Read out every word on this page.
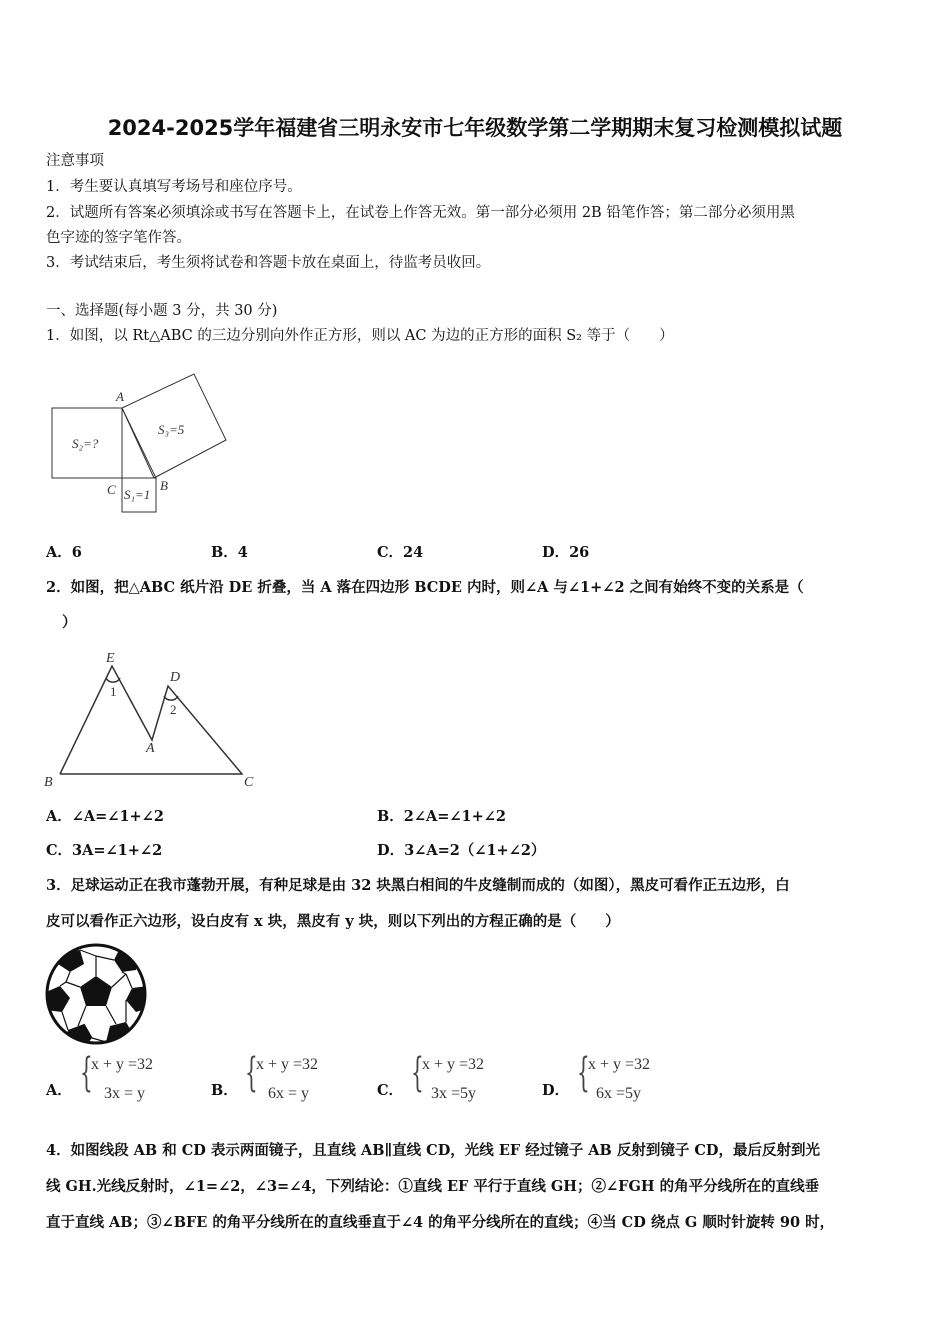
2024-2025学年福建省三明永安市七年级数学第二学期期末复习检测模拟试题
注意事项
1．考生要认真填写考场号和座位序号。
2．试题所有答案必须填涂或书写在答题卡上，在试卷上作答无效。第一部分必须用 2B 铅笔作答；第二部分必须用黑
色字迹的签字笔作答。
3．考试结束后，考生须将试卷和答题卡放在桌面上，待监考员收回。
一、选择题(每小题 3 分，共 30 分)
1．如图，以 Rt△ABC 的三边分别向外作正方形，则以 AC 为边的正方形的面积 S₂ 等于（　　）
S₂=?
S₃=5
S₁=1
A
B
C
A．6	B．4	C．24	D．26
2．如图，把△ABC 纸片沿 DE 折叠，当 A 落在四边形 BCDE 内时，则∠A 与∠1+∠2 之间有始终不变的关系是（
）
E
D
A
B	C
1
2
A．∠A=∠1+∠2	B．2∠A=∠1+∠2
C．3A=∠1+∠2	D．3∠A=2（∠1+∠2）
3．足球运动正在我市蓬勃开展，有种足球是由 32 块黑白相间的牛皮缝制而成的（如图），黑皮可看作正五边形，白
皮可以看作正六边形，设白皮有 x 块，黑皮有 y 块，则以下列出的方程正确的是（　　）
A． {
x + y =32
3x = y	B． {
x + y =32
6x = y	C． {
x + y =32
3x =5y	D． {
x + y =32
6x =5y
4．如图线段 AB 和 CD 表示两面镜子，且直线 AB∥直线 CD，光线 EF 经过镜子 AB 反射到镜子 CD，最后反射到光
线 GH.光线反射时，∠1=∠2，∠3=∠4，下列结论：①直线 EF 平行于直线 GH；②∠FGH 的角平分线所在的直线垂
直于直线 AB；③∠BFE 的角平分线所在的直线垂直于∠4 的角平分线所在的直线；④当 CD 绕点 G 顺时针旋转 90 时，
